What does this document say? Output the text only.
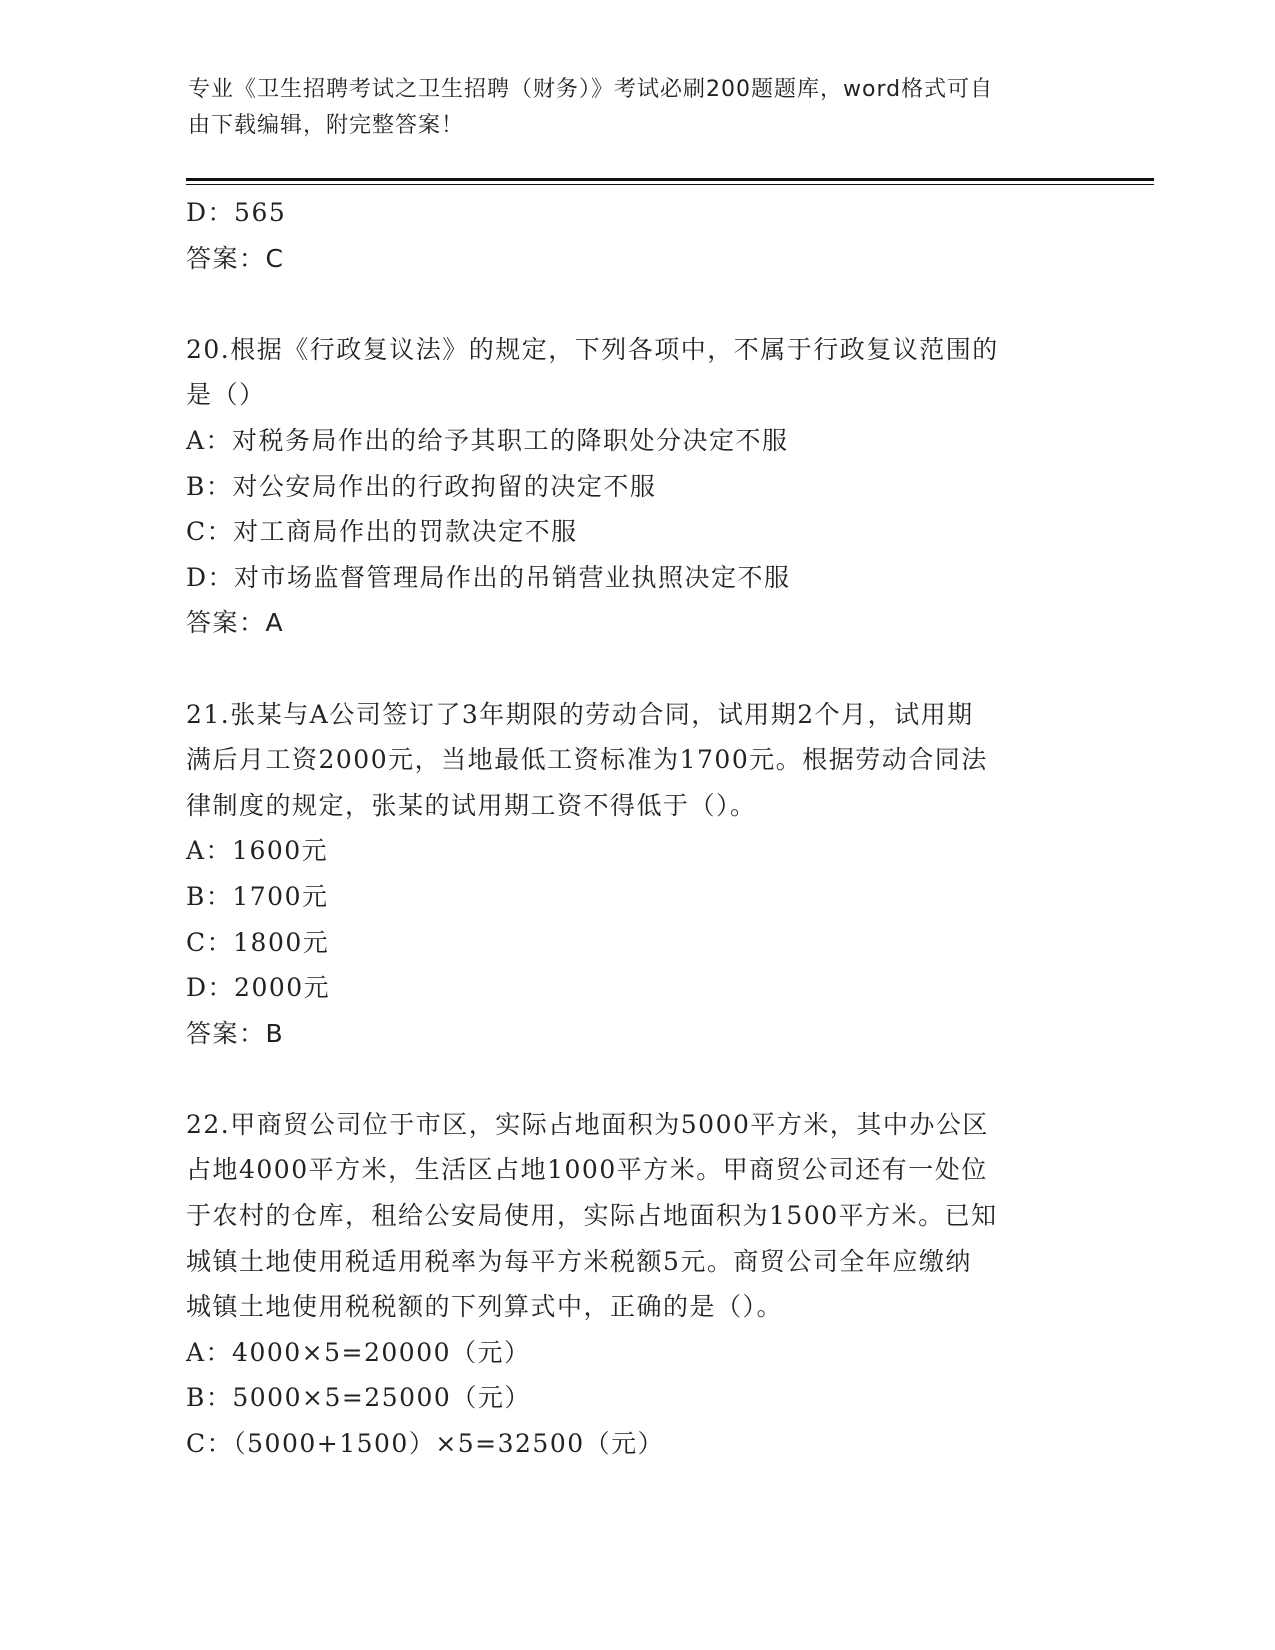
专业《卫生招聘考试之卫生招聘（财务）》考试必刷200题题库，word格式可自
由下载编辑，附完整答案！
D：565
答案：C
20.根据《行政复议法》的规定，下列各项中，不属于行政复议范围的
是（）
A：对税务局作出的给予其职工的降职处分决定不服
B：对公安局作出的行政拘留的决定不服
C：对工商局作出的罚款决定不服
D：对市场监督管理局作出的吊销营业执照决定不服
答案：A
21.张某与A公司签订了3年期限的劳动合同，试用期2个月，试用期
满后月工资2000元，当地最低工资标准为1700元。根据劳动合同法
律制度的规定，张某的试用期工资不得低于（）。
A：1600元
B：1700元
C：1800元
D：2000元
答案：B
22.甲商贸公司位于市区，实际占地面积为5000平方米，其中办公区
占地4000平方米，生活区占地1000平方米。甲商贸公司还有一处位
于农村的仓库，租给公安局使用，实际占地面积为1500平方米。已知
城镇土地使用税适用税率为每平方米税额5元。商贸公司全年应缴纳
城镇土地使用税税额的下列算式中，正确的是（）。
A：4000×5=20000（元）
B：5000×5=25000（元）
C：（5000+1500）×5=32500（元）
